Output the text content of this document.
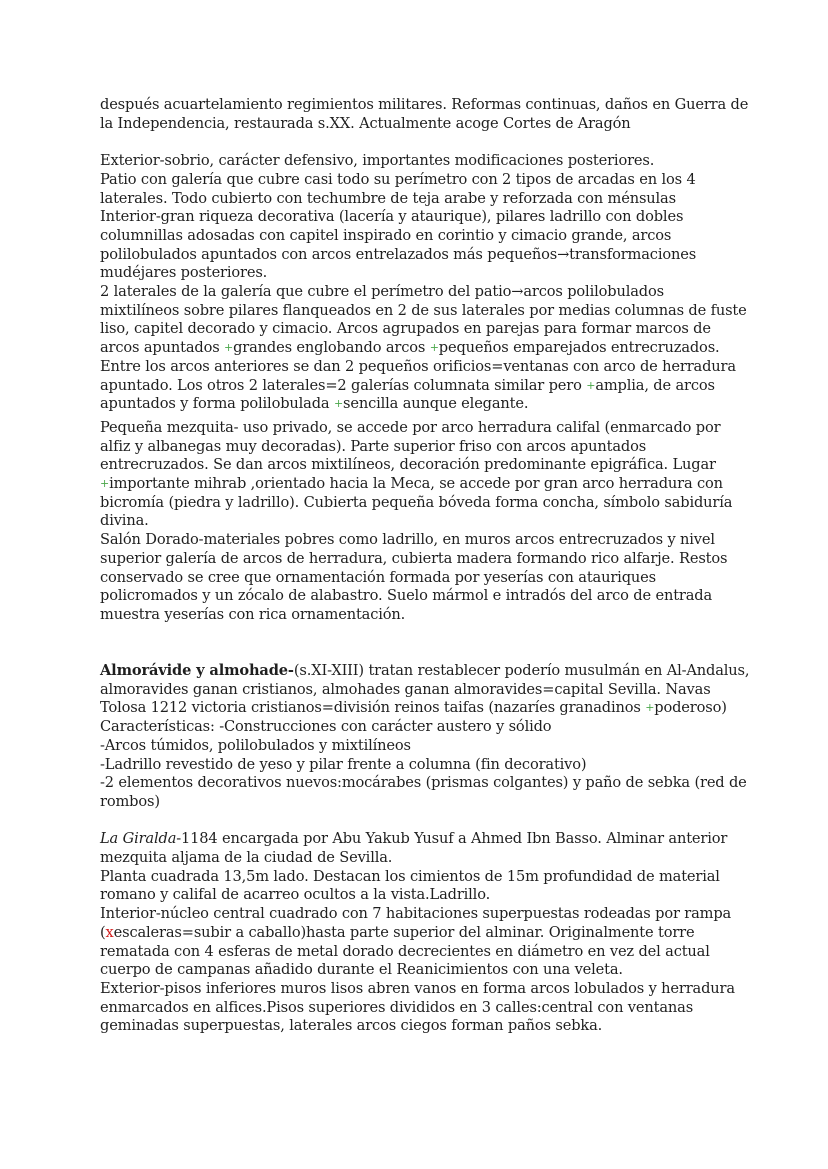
después acuartelamiento regimientos militares. Reformas continuas, daños en Guerra de
la Independencia, restaurada s.XX. Actualmente acoge Cortes de Aragón

Exterior-sobrio, carácter defensivo, importantes modificaciones posteriores.
Patio con galería que cubre casi todo su perímetro con 2 tipos de arcadas en los 4
laterales. Todo cubierto con techumbre de teja arabe y reforzada con ménsulas
Interior-gran riqueza decorativa (lacería y ataurique), pilares ladrillo con dobles
columnillas adosadas con capitel inspirado en corintio y cimacio grande, arcos
polilobulados apuntados con arcos entrelazados más pequeños→transformaciones
mudéjares posteriores.
2 laterales de la galería que cubre el perímetro del patio→arcos polilobulados
mixtilíneos sobre pilares flanqueados en 2 de sus laterales por medias columnas de fuste
liso, capitel decorado y cimacio. Arcos agrupados en parejas para formar marcos de
arcos apuntados +grandes englobando arcos +pequeños emparejados entrecruzados.
Entre los arcos anteriores se dan 2 pequeños orificios=ventanas con arco de herradura
apuntado. Los otros 2 laterales=2 galerías columnata similar pero +amplia, de arcos
apuntados y forma polilobulada +sencilla aunque elegante.

Pequeña mezquita- uso privado, se accede por arco herradura califal (enmarcado por
alfiz y albanegas muy decoradas). Parte superior friso con arcos apuntados
entrecruzados. Se dan arcos mixtilíneos, decoración predominante epigráfica. Lugar
+importante mihrab ,orientado hacia la Meca, se accede por gran arco herradura con
bicromía (piedra y ladrillo). Cubierta pequeña bóveda forma concha, símbolo sabiduría
divina.
Salón Dorado-materiales pobres como ladrillo, en muros arcos entrecruzados y nivel
superior galería de arcos de herradura, cubierta madera formando rico alfarje. Restos
conservado se cree que ornamentación formada por yeserías con atauriques
policromados y un zócalo de alabastro. Suelo mármol e intradós del arco de entrada
muestra yeserías con rica ornamentación.

Almorávide y almohade-(s.XI-XIII) tratan restablecer poderío musulmán en Al-Andalus,
almoravides ganan cristianos, almohades ganan almoravides=capital Sevilla. Navas
Tolosa 1212 victoria cristianos=división reinos taifas (nazaríes granadinos +poderoso)
Características: -Construcciones con carácter austero y sólido
-Arcos túmidos, polilobulados y mixtilíneos
-Ladrillo revestido de yeso y pilar frente a columna (fin decorativo)
-2 elementos decorativos nuevos:mocárabes (prismas colgantes) y paño de sebka (red de
rombos)

La Giralda-1184 encargada por Abu Yakub Yusuf a Ahmed Ibn Basso. Alminar anterior
mezquita aljama de la ciudad de Sevilla.
Planta cuadrada 13,5m lado. Destacan los cimientos de 15m profundidad de material
romano y califal de acarreo ocultos a la vista.Ladrillo.
Interior-núcleo central cuadrado con 7 habitaciones superpuestas rodeadas por rampa
(xescaleras=subir a caballo)hasta parte superior del alminar. Originalmente torre
rematada con 4 esferas de metal dorado decrecientes en diámetro en vez del actual
cuerpo de campanas añadido durante el Reanicimientos con una veleta.
Exterior-pisos inferiores muros lisos abren vanos en forma arcos lobulados y herradura
enmarcados en alfices.Pisos superiores divididos en 3 calles:central con ventanas
geminadas superpuestas, laterales arcos ciegos forman paños sebka.
